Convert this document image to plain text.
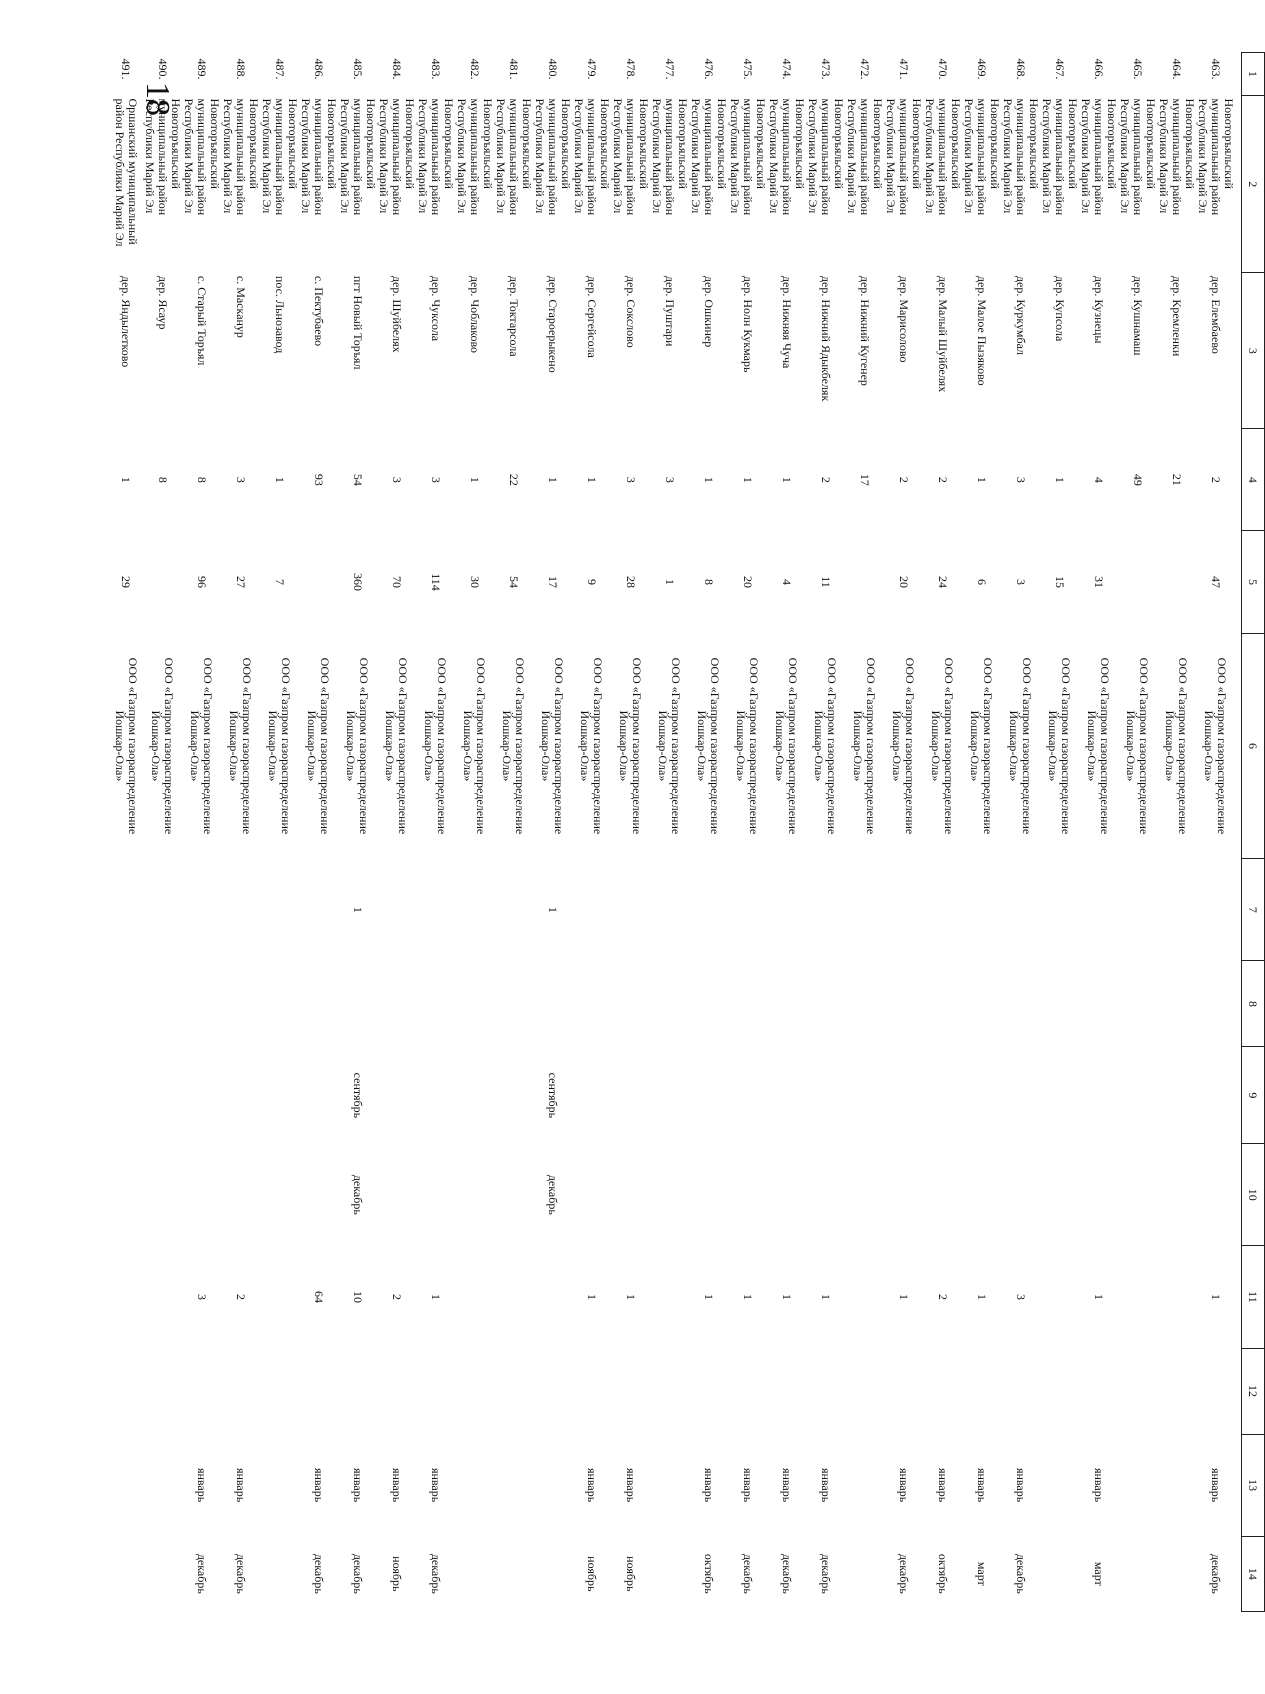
18
1	2	3	4	5	6	7	8	9	10	11	12	13	14
463.	Новоторъяльский муниципальный район Республики Марий Эл	дер. Елембаево	2	47	ООО «Газпром газораспределение Йошкар-Ола»					1		январь	декабрь
464.	Новоторъяльский муниципальный район Республики Марий Эл	дер. Кремленки	21		ООО «Газпром газораспределение Йошкар-Ола»								
465.	Новоторъяльский муниципальный район Республики Марий Эл	дер. Кушнамаш	49		ООО «Газпром газораспределение Йошкар-Ола»								
466.	Новоторъяльский муниципальный район Республики Марий Эл	дер. Кузнецы	4	31	ООО «Газпром газораспределение Йошкар-Ола»					1		январь	март
467.	Новоторъяльский муниципальный район Республики Марий Эл	дер. Купсола	1	15	ООО «Газпром газораспределение Йошкар-Ола»								
468.	Новоторъяльский муниципальный район Республики Марий Эл	дер. Куркумбал	3	3	ООО «Газпром газораспределение Йошкар-Ола»					3		январь	декабрь
469.	Новоторъяльский муниципальный район Республики Марий Эл	дер. Малое Пызяково	1	6	ООО «Газпром газораспределение Йошкар-Ола»					1		январь	март
470.	Новоторъяльский муниципальный район Республики Марий Эл	дер. Малый Шуйбелях	2	24	ООО «Газпром газораспределение Йошкар-Ола»					2		январь	октябрь
471.	Новоторъяльский муниципальный район Республики Марий Эл	дер. Марисолово	2	20	ООО «Газпром газораспределение Йошкар-Ола»					1		январь	декабрь
472.	Новоторъяльский муниципальный район Республики Марий Эл	дер. Нижний Кугенер	17		ООО «Газпром газораспределение Йошкар-Ола»								
473.	Новоторъяльский муниципальный район Республики Марий Эл	дер. Нижний Ядыкбеляк	2	11	ООО «Газпром газораспределение Йошкар-Ола»					1		январь	декабрь
474.	Новоторъяльский муниципальный район Республики Марий Эл	дер. Нижняя Чуча	1	4	ООО «Газпром газораспределение Йошкар-Ола»					1		январь	декабрь
475.	Новоторъяльский муниципальный район Республики Марий Эл	дер. Нолн Кукмарь	1	20	ООО «Газпром газораспределение Йошкар-Ола»					1		январь	декабрь
476.	Новоторъяльский муниципальный район Республики Марий Эл	дер. Ошкинер	1	8	ООО «Газпром газораспределение Йошкар-Ола»					1		январь	октябрь
477.	Новоторъяльский муниципальный район Республики Марий Эл	дер. Пуштари	3	1	ООО «Газпром газораспределение Йошкар-Ола»								
478.	Новоторъяльский муниципальный район Республики Марий Эл	дер. Сокслово	3	28	ООО «Газпром газораспределение Йошкар-Ола»					1		январь	ноябрь
479.	Новоторъяльский муниципальный район Республики Марий Эл	дер. Сергейсола	1	9	ООО «Газпром газораспределение Йошкар-Ола»					1		январь	ноябрь
480.	Новоторъяльский муниципальный район Республики Марий Эл	дер. Староерыкено	1	17	ООО «Газпром газораспределение Йошкар-Ола»	1		сентябрь	декабрь				
481.	Новоторъяльский муниципальный район Республики Марий Эл	дер. Токтарсола	22	54	ООО «Газпром газораспределение Йошкар-Ола»								
482.	Новоторъяльский муниципальный район Республики Марий Эл	дер. Чоблаково	1	30	ООО «Газпром газораспределение Йошкар-Ола»								
483.	Новоторъяльский муниципальный район Республики Марий Эл	дер. Чуксола	3	114	ООО «Газпром газораспределение Йошкар-Ола»					1		январь	декабрь
484.	Новоторъяльский муниципальный район Республики Марий Эл	дер. Шуйбелях	3	70	ООО «Газпром газораспределение Йошкар-Ола»					2		январь	ноябрь
485.	Новоторъяльский муниципальный район Республики Марий Эл	пгт Новый Торъял	54	360	ООО «Газпром газораспределение Йошкар-Ола»	1		сентябрь	декабрь	10		январь	декабрь
486.	Новоторъяльский муниципальный район Республики Марий Эл	с. Пектубаево	93		ООО «Газпром газораспределение Йошкар-Ола»					64		январь	декабрь
487.	Новоторъяльский муниципальный район Республики Марий Эл	пос. Льнозавод	1	7	ООО «Газпром газораспределение Йошкар-Ола»								
488.	Новоторъяльский муниципальный район Республики Марий Эл	с. Масканур	3	27	ООО «Газпром газораспределение Йошкар-Ола»					2		январь	декабрь
489.	Новоторъяльский муниципальный район Республики Марий Эл	с. Старый Торъял	8	96	ООО «Газпром газораспределение Йошкар-Ола»					3		январь	декабрь
490.	Новоторъяльский муниципальный район Республики Марий Эл	дер. Ясаур	8		ООО «Газпром газораспределение Йошкар-Ола»								
491.	Оршанский муниципальный район Республики Марий Эл	дер. Яндылетково	1	29	ООО «Газпром газораспределение Йошкар-Ола»								
